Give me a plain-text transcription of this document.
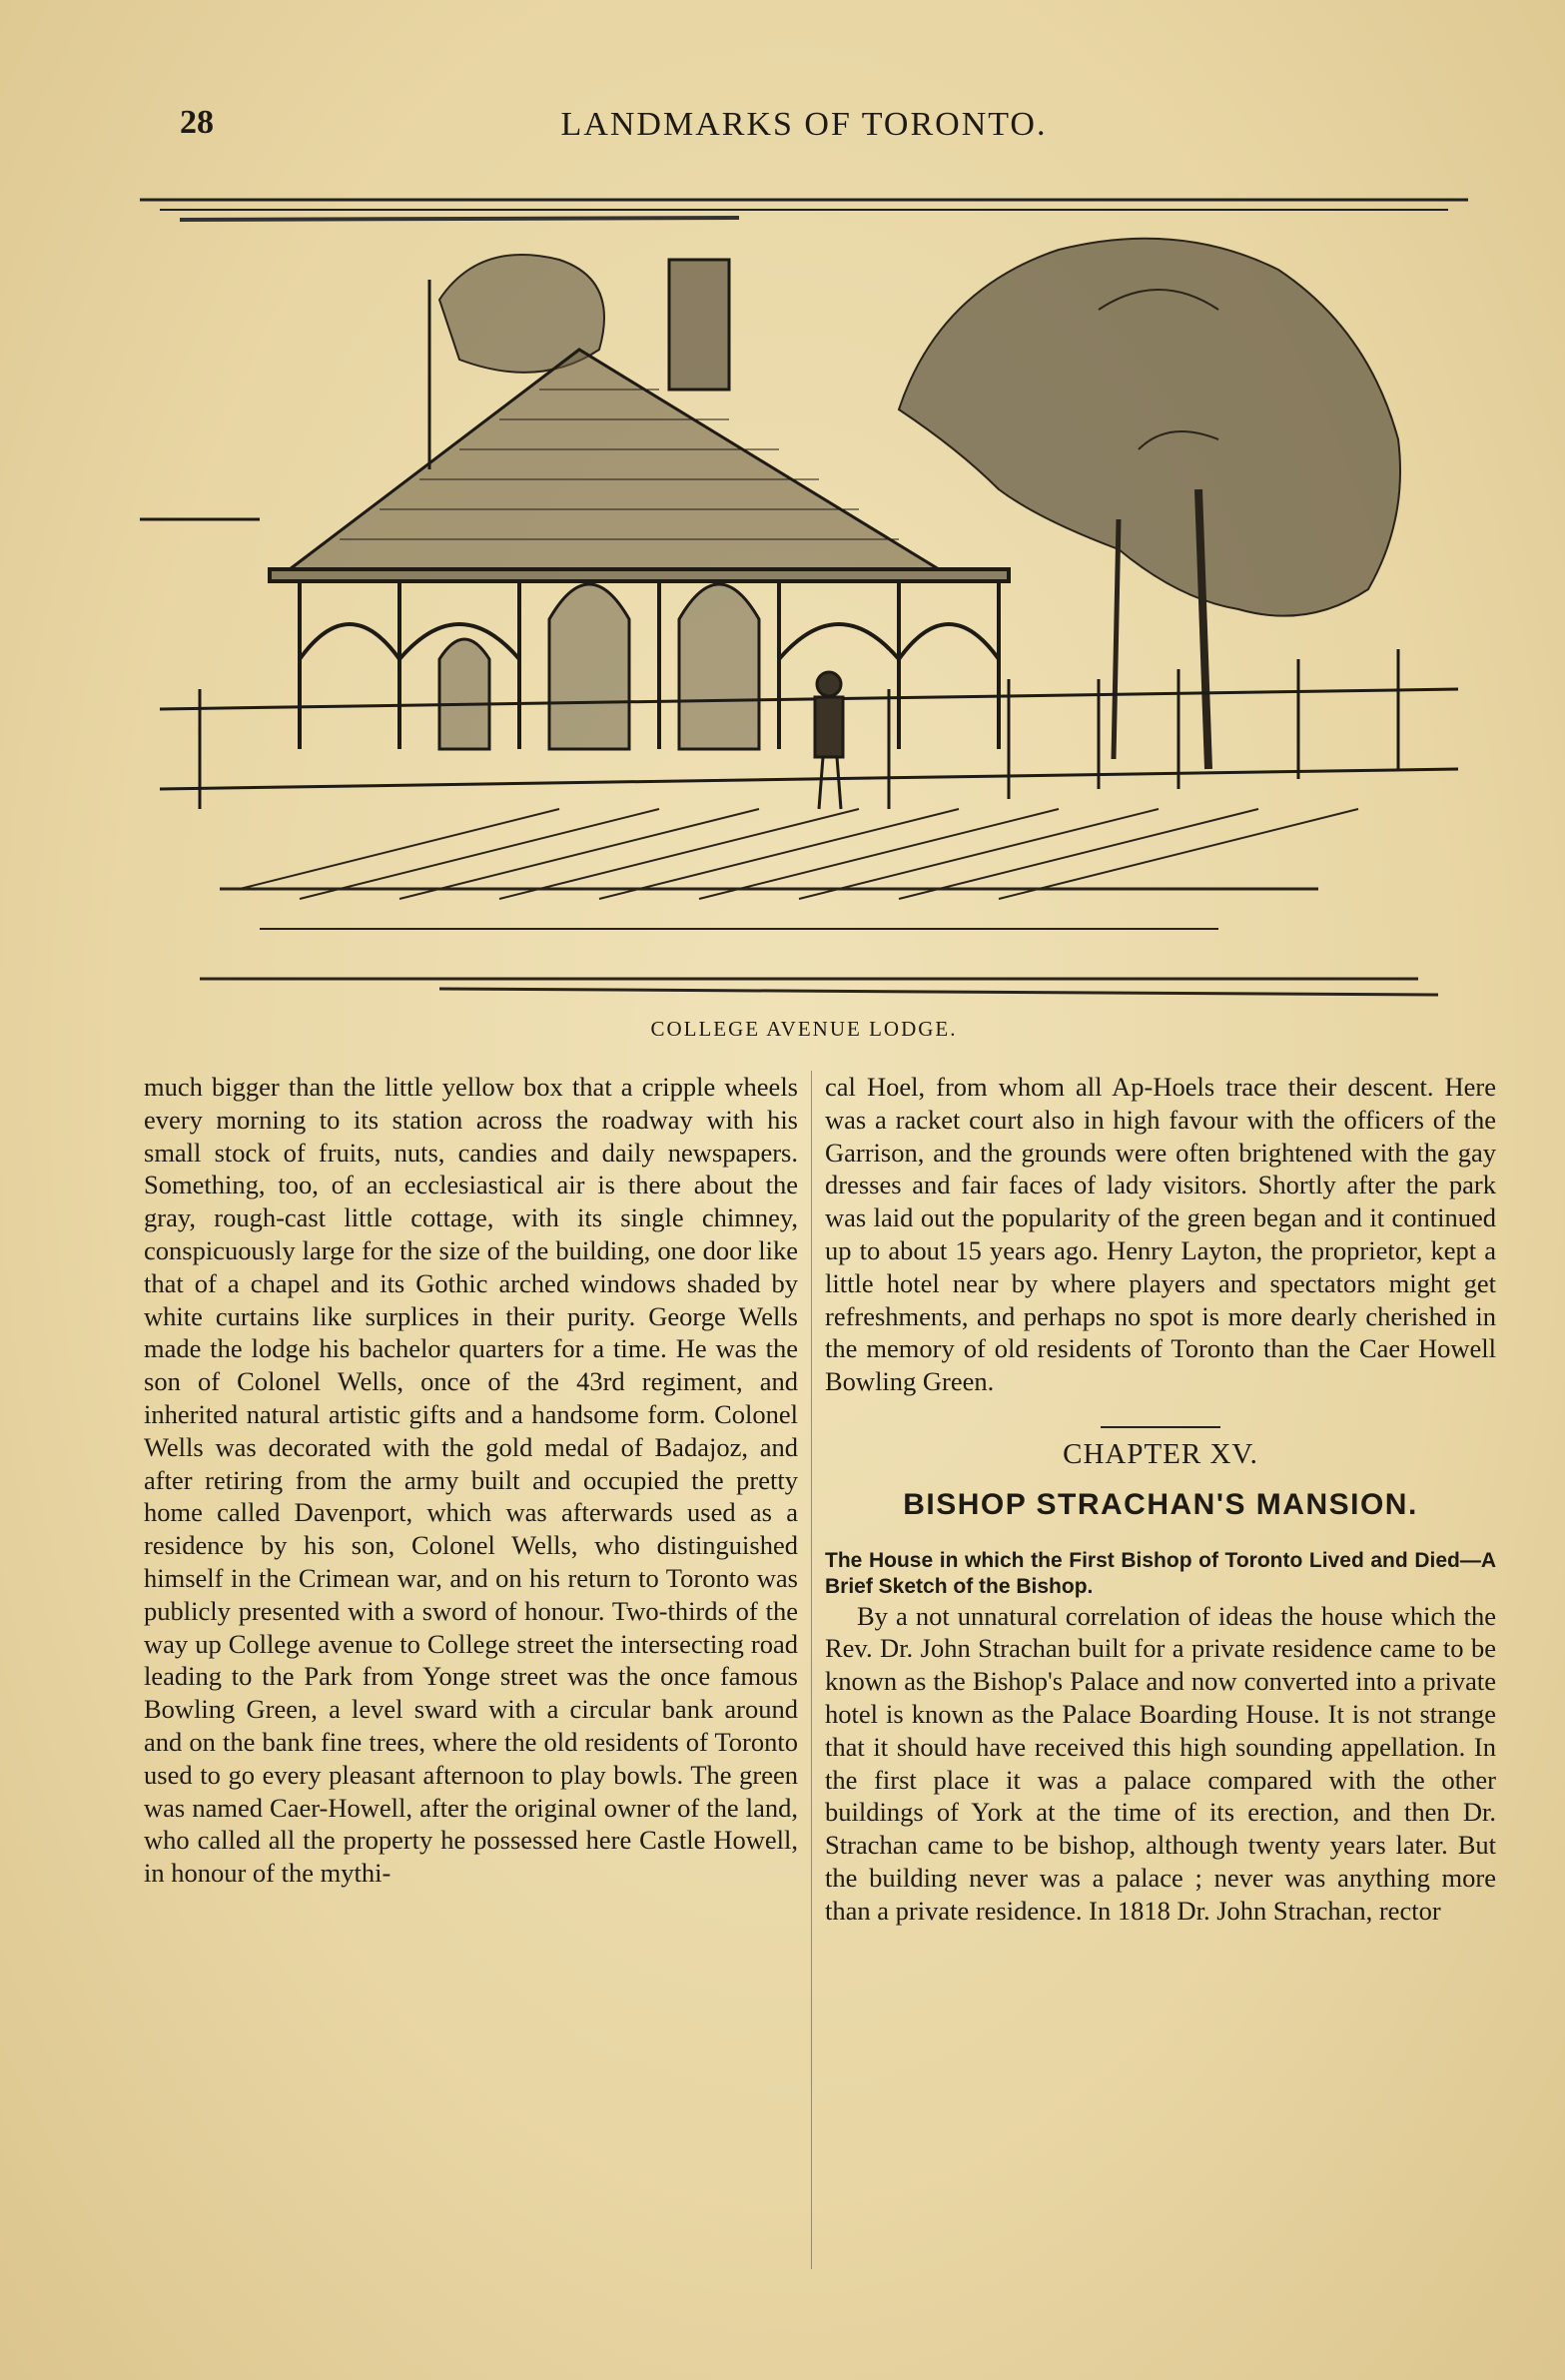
28	LANDMARKS OF TORONTO.
COLLEGE AVENUE LODGE.

much bigger than the little yellow box that a cripple wheels every morning to its station across the roadway with his small stock of fruits, nuts, candies and daily newspapers. Something, too, of an ecclesiastical air is there about the gray, rough-cast little cottage, with its single chimney, conspicuously large for the size of the building, one door like that of a chapel and its Gothic arched windows shaded by white curtains like surplices in their purity. George Wells made the lodge his bachelor quarters for a time. He was the son of Colonel Wells, once of the 43rd regiment, and inherited natural artistic gifts and a handsome form. Colonel Wells was decorated with the gold medal of Badajoz, and after retiring from the army built and occupied the pretty home called Davenport, which was afterwards used as a residence by his son, Colonel Wells, who distinguished himself in the Crimean war, and on his return to Toronto was publicly presented with a sword of honour. Two-thirds of the way up College avenue to College street the intersecting road leading to the Park from Yonge street was the once famous Bowling Green, a level sward with a circular bank around and on the bank fine trees, where the old residents of Toronto used to go every pleasant afternoon to play bowls. The green was named Caer-Howell, after the original owner of the land, who called all the property he possessed here Castle Howell, in honour of the mythi-

cal Hoel, from whom all Ap-Hoels trace their descent. Here was a racket court also in high favour with the officers of the Garrison, and the grounds were often brightened with the gay dresses and fair faces of lady visitors. Shortly after the park was laid out the popularity of the green began and it continued up to about 15 years ago. Henry Layton, the proprietor, kept a little hotel near by where players and spectators might get refreshments, and perhaps no spot is more dearly cherished in the memory of old residents of Toronto than the Caer Howell Bowling Green.

CHAPTER XV.
BISHOP STRACHAN'S MANSION.

The House in which the First Bishop of Toronto Lived and Died—A Brief Sketch of the Bishop.

By a not unnatural correlation of ideas the house which the Rev. Dr. John Strachan built for a private residence came to be known as the Bishop's Palace and now converted into a private hotel is known as the Palace Boarding House. It is not strange that it should have received this high sounding appellation. In the first place it was a palace compared with the other buildings of York at the time of its erection, and then Dr. Strachan came to be bishop, although twenty years later. But the building never was a palace ; never was anything more than a private residence. In 1818 Dr. John Strachan, rector
